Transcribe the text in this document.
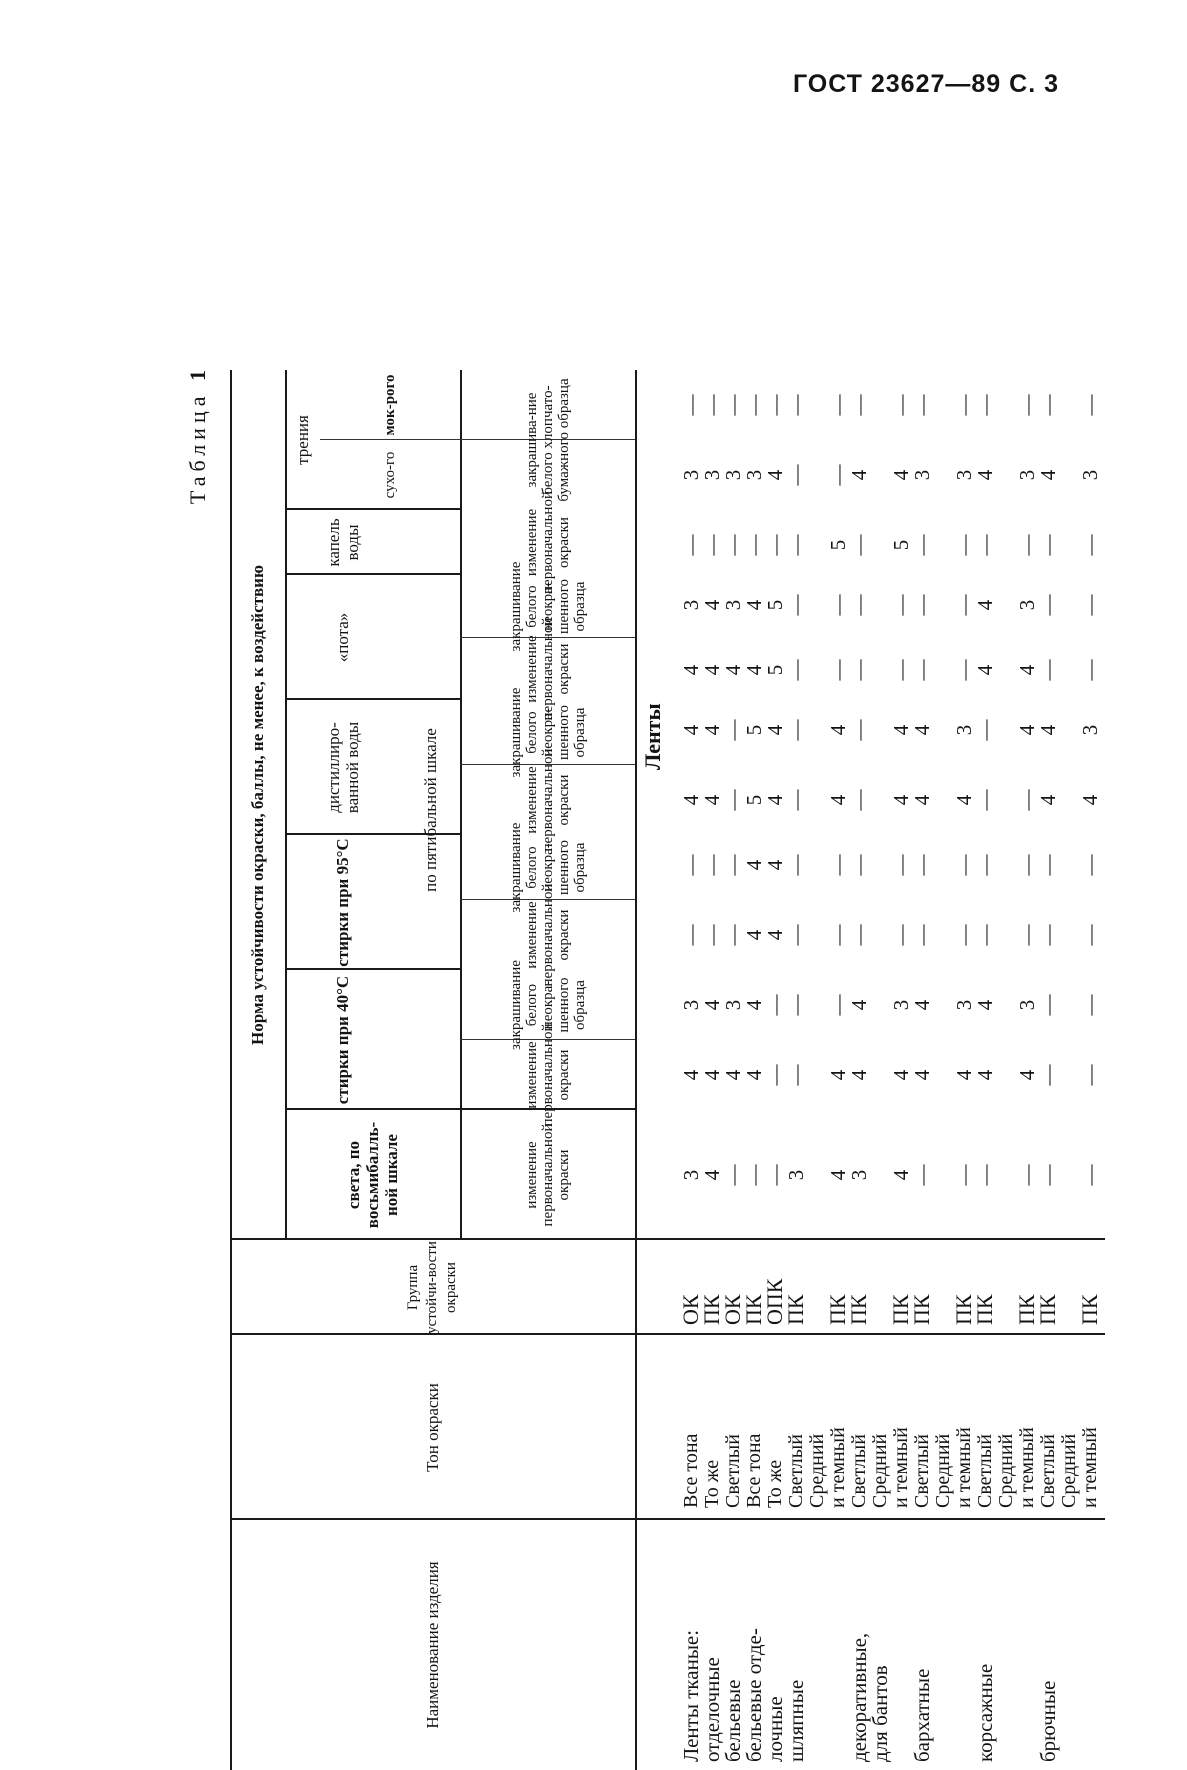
ГОСТ 23627—89 С. 3
Таблица 1
Наименование изделия
Тон окраски
Группа устойчи-вости окраски
Норма устойчивости окраски, баллы, не менее, к воздействию
света, по восьмибалль-ной шкале
стирки при 40°С
стирки при 95°С
дистиллиро-ванной воды
«пота»
капель воды
трения
по пятибальной шкале
сухо-го
мок-рого
изменение первоначальной окраски
изменение первоначальной окраски
закрашивание белого неокра-шенного образца
изменение первоначальной окраски
закрашивание белого неокра-шенного образца
изменение первоначальной окраски
закрашивание белого неокра-шенного образца
изменение первоначальной окраски
закрашивание белого неокра-шенного образца
изменение первоначальной окраски
закрашива-ние белого хлопчато-бумажного образца
Ленты
Ленты тканые:
Все тона
ОК
3
4
3
—
—
4
4
4
3
—
3
—
отделочные
То же
ПК
4
4
4
—
—
4
4
4
4
—
3
—
бельевые
Светлый
ОК
—
4
3
—
—
—
—
4
3
—
3
—
бельевые отде-
Все тона
ПК
—
4
4
4
4
5
5
4
4
—
3
—
лочные
То же
ОПК
—
—
—
4
4
4
4
5
5
—
4
—
шляпные
Светлый
ПК
3
—
—
—
—
—
—
—
—
—
—
—
Средний и темный
ПК
4
4
—
—
—
4
4
—
—
5
—
—
декоративные,
Светлый
ПК
3
4
4
—
—
—
—
—
—
—
4
—
для бантов
Средний и темный
ПК
4
4
3
—
—
4
4
—
—
5
4
—
бархатные
Светлый
ПК
—
4
4
—
—
4
4
—
—
—
3
—
Средний и темный
ПК
—
4
3
—
—
4
3
—
—
—
3
—
корсажные
Светлый
ПК
—
4
4
—
—
—
—
4
4
—
4
—
Средний и темный
ПК
—
4
3
—
—
—
4
4
3
—
3
—
брючные
Светлый
ПК
—
—
—
—
—
4
4
—
—
—
4
—
Средний и темный
ПК
—
—
—
—
—
4
3
—
—
—
3
—
